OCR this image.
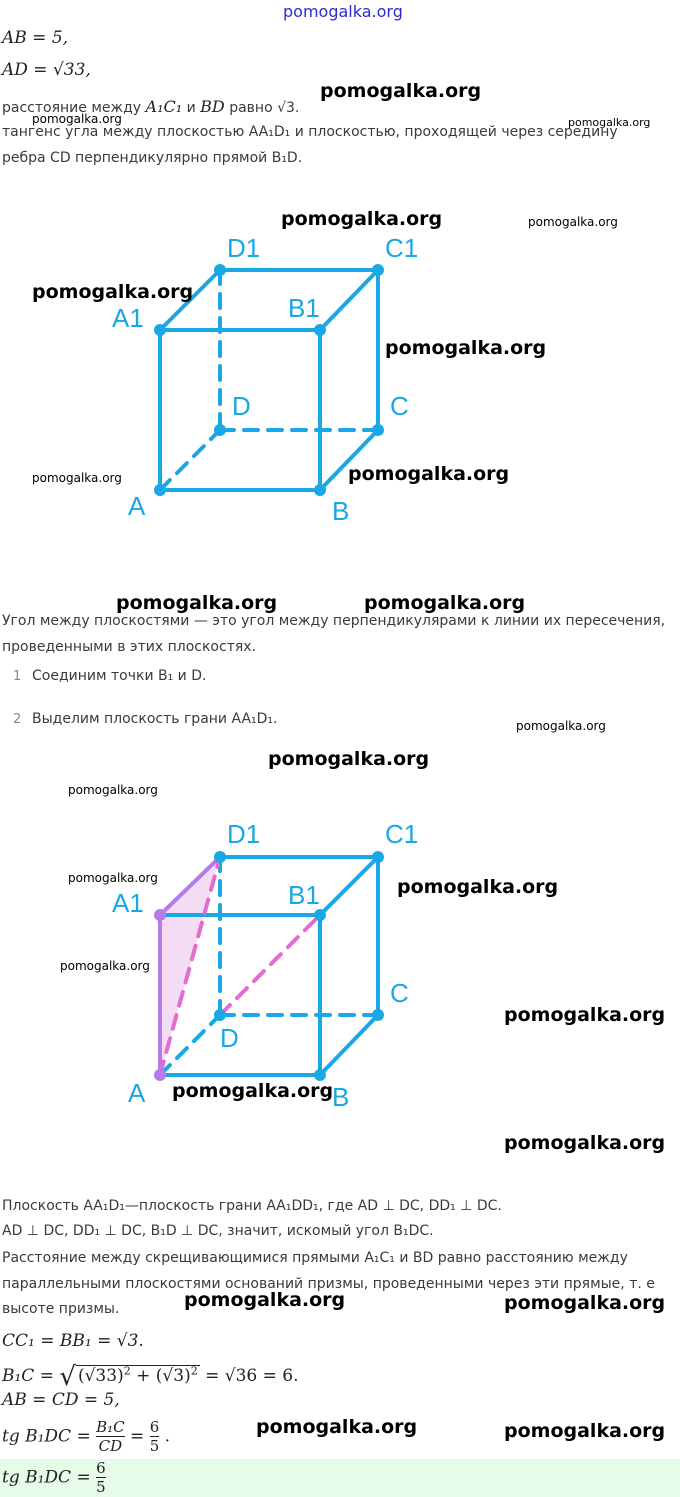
pomogalka.org
AB = 5,
AD = √33,
расстояние между A₁C₁ и BD равно √3.
тангенс угла между плоскостью AA₁D₁ и плоскостью, проходящей через середину
ребра CD перпендикулярно прямой B₁D.
D1	C1
A1	B1
D	C
A	B
Угол между плоскостями — это угол между перпендикулярами к линии их пересечения,
проведенными в этих плоскостях.
1 Соединим точки B₁ и D.
2 Выделим плоскость грани AA₁D₁.
D1	C1
A1	B1
D
C
A	B
Плоскость AA₁D₁—плоскость грани AA₁DD₁, где AD ⊥ DC, DD₁ ⊥ DC.
AD ⊥ DC, DD₁ ⊥ DC, B₁D ⊥ DC, значит, искомый угол B₁DC.
Расстояние между скрещивающимися прямыми A₁C₁ и BD равно расстоянию между
параллельными плоскостями оснований призмы, проведенными через эти прямые, т. е
высоте призмы.
CC₁ = BB₁ = √3.
B₁C = √ $(√33)^2 + (√3)^2 = √36 = 6$.
AB = CD = 5,
tg $B_1DC = \frac{\text{B₁C}}{CD} = \frac{6}{5}$ .
tg $B_1DC = \frac{6}{5}$
pomogalka.org
pomogalka.org	pomogalka.org
pomogalka.org	pomogalka.org
pomogalka.org
pomogalka.org
pomogalka.org	pomogalka.org
pomogalka.org	pomogalka.org
pomogalka.org
pomogalka.org
pomogalka.org
pomogalka.org	pomogalka.org
pomogalka.org
pomogalka.org
pomogalka.org
pomogalka.org
pomogalka.org	pomogalka.org
pomogalka.org	pomogalka.org
